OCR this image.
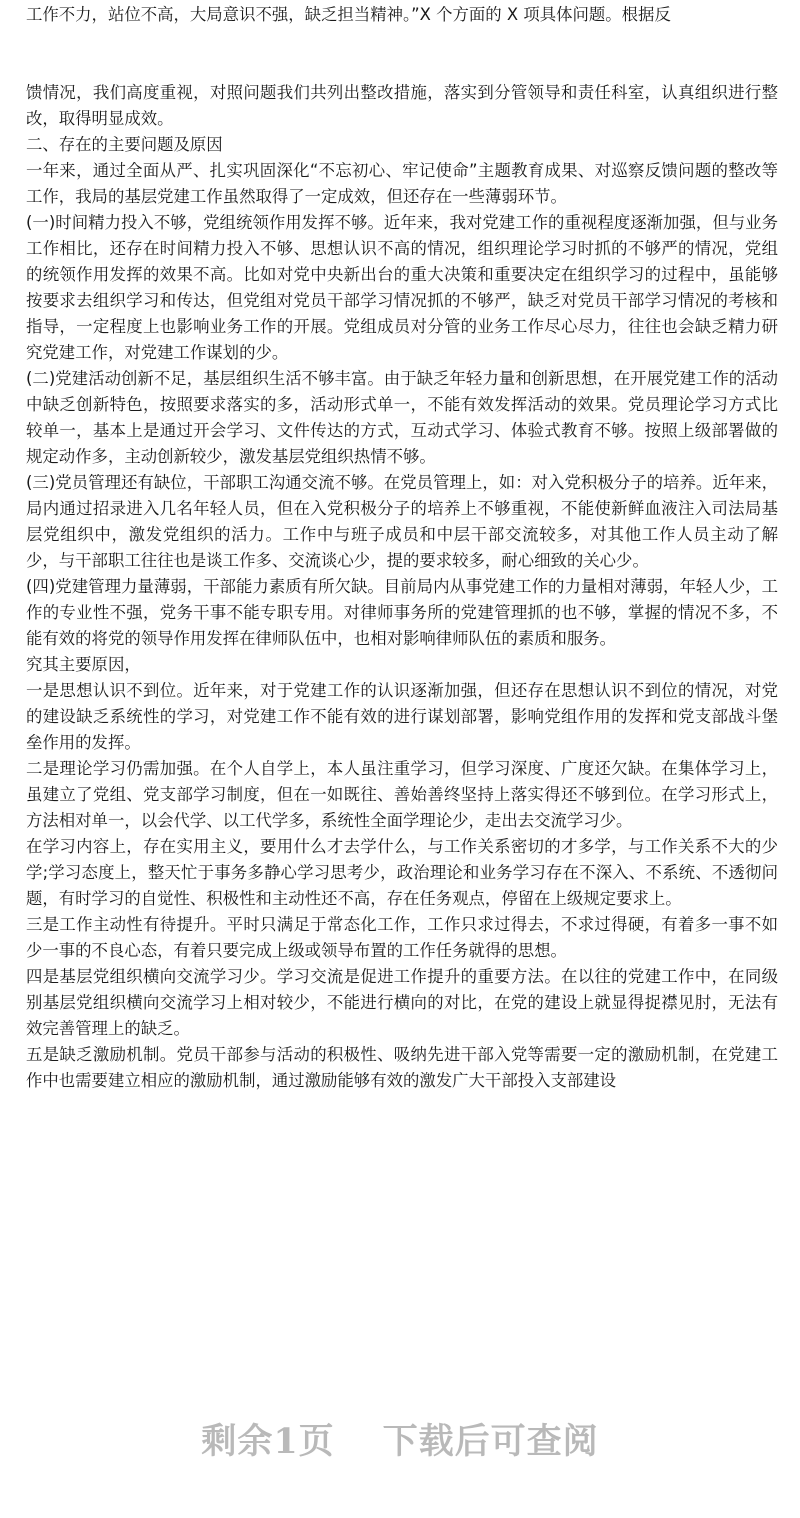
工作不力，站位不高，大局意识不强，缺乏担当精神。”X 个方面的 X 项具体问题。根据反

馈情况，我们高度重视，对照问题我们共列出整改措施，落实到分管领导和责任科室，认真组织进行整改，取得明显成效。

二、存在的主要问题及原因

一年来，通过全面从严、扎实巩固深化“不忘初心、牢记使命”主题教育成果、对巡察反馈问题的整改等工作，我局的基层党建工作虽然取得了一定成效，但还存在一些薄弱环节。

(一)时间精力投入不够，党组统领作用发挥不够。近年来，我对党建工作的重视程度逐渐加强，但与业务工作相比，还存在时间精力投入不够、思想认识不高的情况，组织理论学习时抓的不够严的情况，党组的统领作用发挥的效果不高。比如对党中央新出台的重大决策和重要决定在组织学习的过程中，虽能够按要求去组织学习和传达，但党组对党员干部学习情况抓的不够严，缺乏对党员干部学习情况的考核和指导，一定程度上也影响业务工作的开展。党组成员对分管的业务工作尽心尽力，往往也会缺乏精力研究党建工作，对党建工作谋划的少。

(二)党建活动创新不足，基层组织生活不够丰富。由于缺乏年轻力量和创新思想，在开展党建工作的活动中缺乏创新特色，按照要求落实的多，活动形式单一，不能有效发挥活动的效果。党员理论学习方式比较单一，基本上是通过开会学习、文件传达的方式，互动式学习、体验式教育不够。按照上级部署做的规定动作多，主动创新较少，激发基层党组织热情不够。

(三)党员管理还有缺位，干部职工沟通交流不够。在党员管理上，如：对入党积极分子的培养。近年来，局内通过招录进入几名年轻人员，但在入党积极分子的培养上不够重视，不能使新鲜血液注入司法局基层党组织中，激发党组织的活力。工作中与班子成员和中层干部交流较多，对其他工作人员主动了解少，与干部职工往往也是谈工作多、交流谈心少，提的要求较多，耐心细致的关心少。

(四)党建管理力量薄弱，干部能力素质有所欠缺。目前局内从事党建工作的力量相对薄弱，年轻人少，工作的专业性不强，党务干事不能专职专用。对律师事务所的党建管理抓的也不够，掌握的情况不多，不能有效的将党的领导作用发挥在律师队伍中，也相对影响律师队伍的素质和服务。

究其主要原因，

一是思想认识不到位。近年来，对于党建工作的认识逐渐加强，但还存在思想认识不到位的情况，对党的建设缺乏系统性的学习，对党建工作不能有效的进行谋划部署，影响党组作用的发挥和党支部战斗堡垒作用的发挥。

二是理论学习仍需加强。在个人自学上，本人虽注重学习，但学习深度、广度还欠缺。在集体学习上，虽建立了党组、党支部学习制度，但在一如既往、善始善终坚持上落实得还不够到位。在学习形式上，方法相对单一，以会代学、以工代学多，系统性全面学理论少，走出去交流学习少。

在学习内容上，存在实用主义，要用什么才去学什么，与工作关系密切的才多学，与工作关系不大的少学;学习态度上，整天忙于事务多静心学习思考少，政治理论和业务学习存在不深入、不系统、不透彻问题，有时学习的自觉性、积极性和主动性还不高，存在任务观点，停留在上级规定要求上。

三是工作主动性有待提升。平时只满足于常态化工作，工作只求过得去，不求过得硬，有着多一事不如少一事的不良心态，有着只要完成上级或领导布置的工作任务就得的思想。

四是基层党组织横向交流学习少。学习交流是促进工作提升的重要方法。在以往的党建工作中，在同级别基层党组织横向交流学习上相对较少，不能进行横向的对比，在党的建设上就显得捉襟见肘，无法有效完善管理上的缺乏。

五是缺乏激励机制。党员干部参与活动的积极性、吸纳先进干部入党等需要一定的激励机制，在党建工作中也需要建立相应的激励机制，通过激励能够有效的激发广大干部投入支部建设

剩余1页 下载后可查阅
